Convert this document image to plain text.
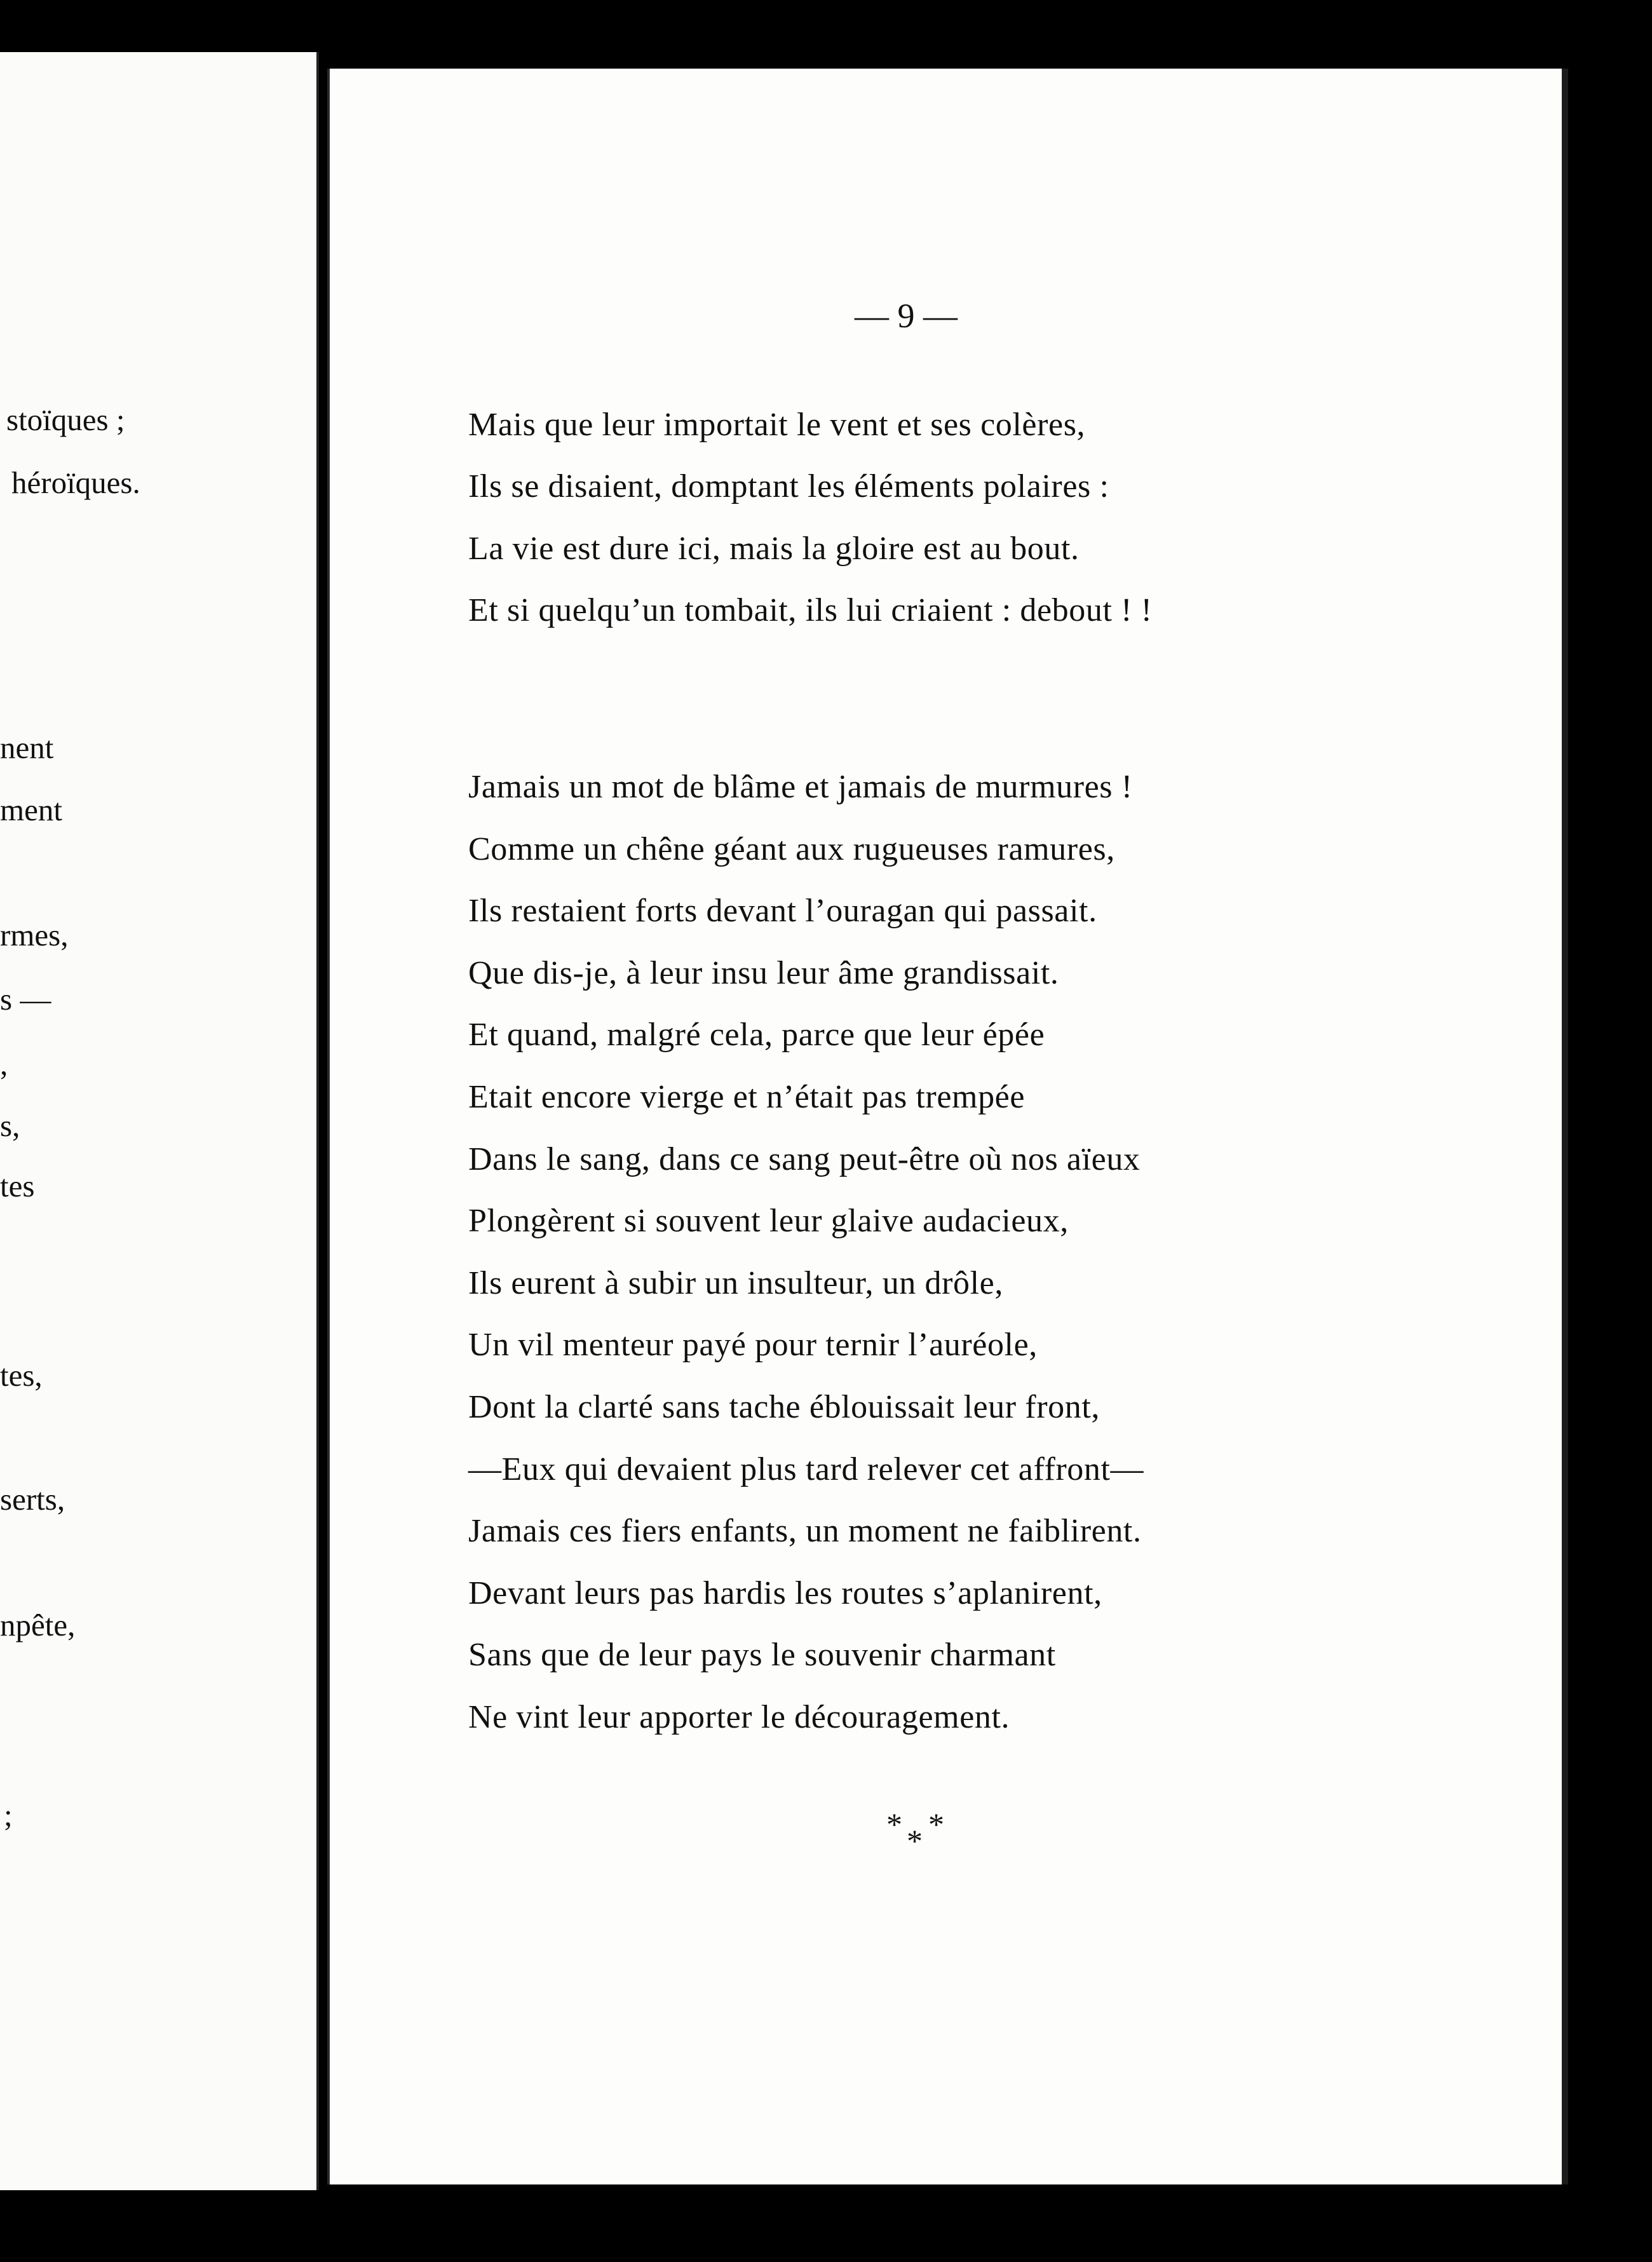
stoïques ;
héroïques.
nent
ment
rmes,
s —
,
s,
tes
tes,
serts,
npête,
;
— 9 —
Mais que leur importait le vent et ses colères,
Ils se disaient, domptant les éléments polaires :
La vie est dure ici, mais la gloire est au bout.
Et si quelqu’un tombait, ils lui criaient : debout ! !
Jamais un mot de blâme et jamais de murmures !
Comme un chêne géant aux rugueuses ramures,
Ils restaient forts devant l’ouragan qui passait.
Que dis-je, à leur insu leur âme grandissait.
Et quand, malgré cela, parce que leur épée
Etait encore vierge et n’était pas trempée
Dans le sang, dans ce sang peut-être où nos aïeux
Plongèrent si souvent leur glaive audacieux,
Ils eurent à subir un insulteur, un drôle,
Un vil menteur payé pour ternir l’auréole,
Dont la clarté sans tache éblouissait leur front,
—Eux qui devaient plus tard relever cet affront—
Jamais ces fiers enfants, un moment ne faiblirent.
Devant leurs pas hardis les routes s’aplanirent,
Sans que de leur pays le souvenir charmant
Ne vint leur apporter le découragement.
* * *
